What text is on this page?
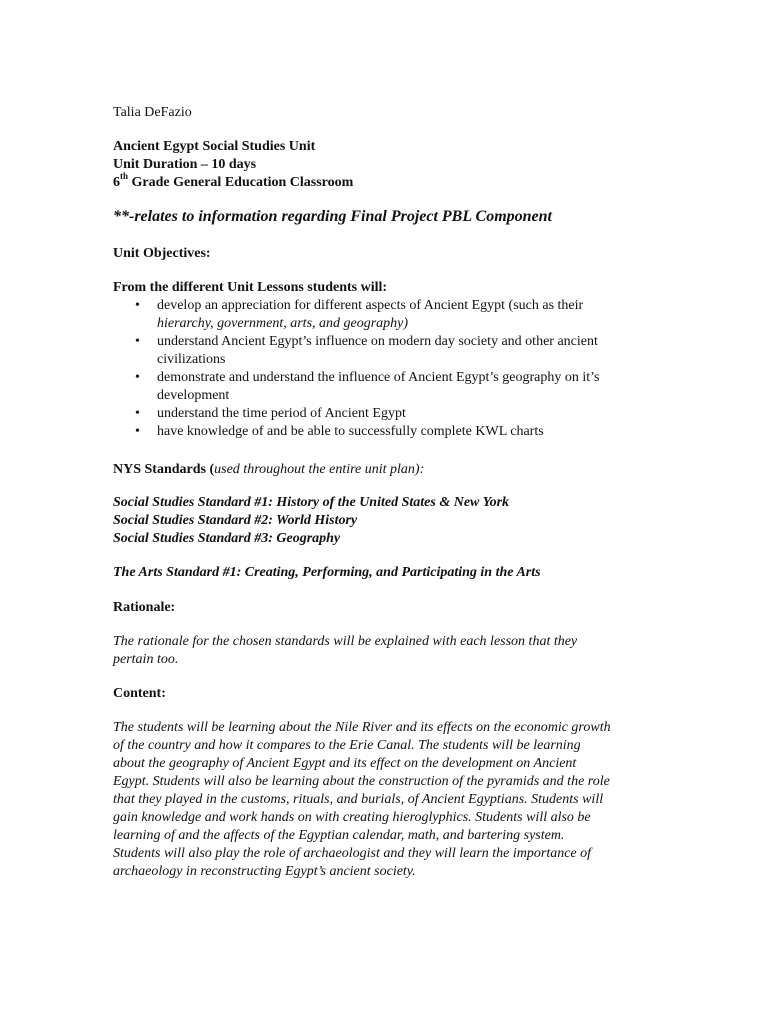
Talia DeFazio
Ancient Egypt Social Studies Unit
Unit Duration – 10 days
6th Grade General Education Classroom
**-relates to information regarding Final Project PBL Component
Unit Objectives:
From the different Unit Lessons students will:
• develop an appreciation for different aspects of Ancient Egypt (such as their
hierarchy, government, arts, and geography)
• understand Ancient Egypt’s influence on modern day society and other ancient
civilizations
• demonstrate and understand the influence of Ancient Egypt’s geography on it’s
development
• understand the time period of Ancient Egypt
• have knowledge of and be able to successfully complete KWL charts
NYS Standards (used throughout the entire unit plan):
Social Studies Standard #1: History of the United States & New York
Social Studies Standard #2: World History
Social Studies Standard #3: Geography
The Arts Standard #1: Creating, Performing, and Participating in the Arts
Rationale:
The rationale for the chosen standards will be explained with each lesson that they
pertain too.
Content:
The students will be learning about the Nile River and its effects on the economic growth
of the country and how it compares to the Erie Canal. The students will be learning
about the geography of Ancient Egypt and its effect on the development on Ancient
Egypt. Students will also be learning about the construction of the pyramids and the role
that they played in the customs, rituals, and burials, of Ancient Egyptians. Students will
gain knowledge and work hands on with creating hieroglyphics. Students will also be
learning of and the affects of the Egyptian calendar, math, and bartering system.
Students will also play the role of archaeologist and they will learn the importance of
archaeology in reconstructing Egypt’s ancient society.
